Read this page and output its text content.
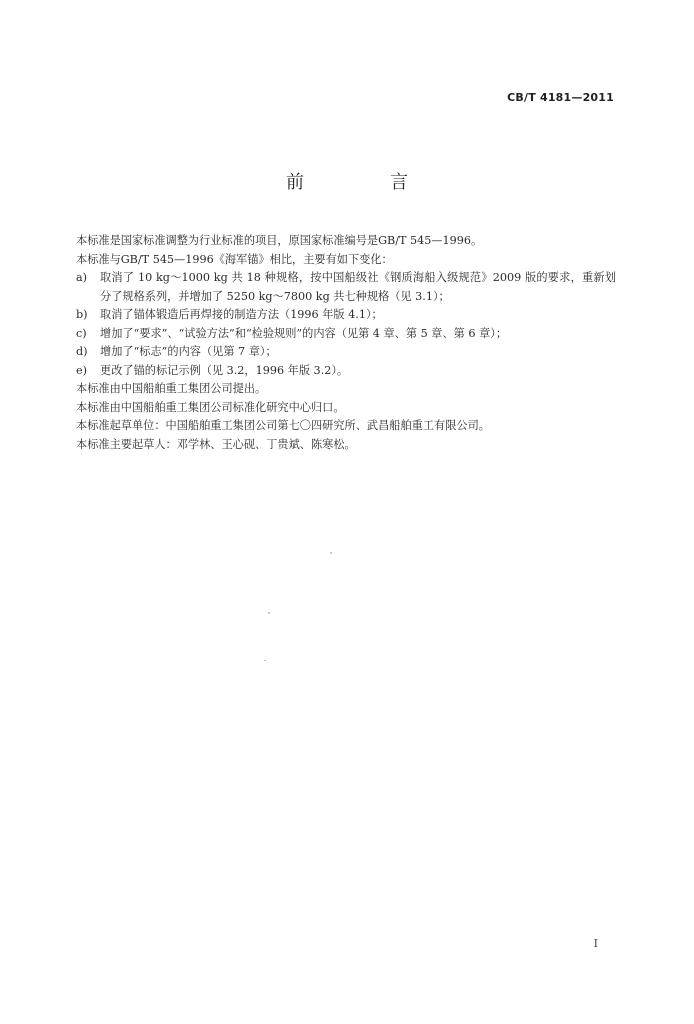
CB/T 4181—2011
前　言
本标准是国家标准调整为行业标准的项目，原国家标准编号是GB/T 545—1996。
本标准与GB/T 545—1996《海军锚》相比，主要有如下变化：
a)	取消了 10 kg～1000 kg 共 18 种规格，按中国船级社《钢质海船入级规范》2009 版的要求，重新划分了规格系列，并增加了 5250 kg～7800 kg 共七种规格（见 3.1）；
b)	取消了锚体锻造后再焊接的制造方法（1996 年版 4.1）；
c)	增加了“要求”、“试验方法”和“检验规则”的内容（见第 4 章、第 5 章、第 6 章）；
d)	增加了“标志”的内容（见第 7 章）；
e)	更改了锚的标记示例（见 3.2，1996 年版 3.2）。
本标准由中国船舶重工集团公司提出。
本标准由中国船舶重工集团公司标准化研究中心归口。
本标准起草单位：中国船舶重工集团公司第七〇四研究所、武昌船舶重工有限公司。
本标准主要起草人：邓学林、王心砚、丁贵斌、陈寒松。
I
